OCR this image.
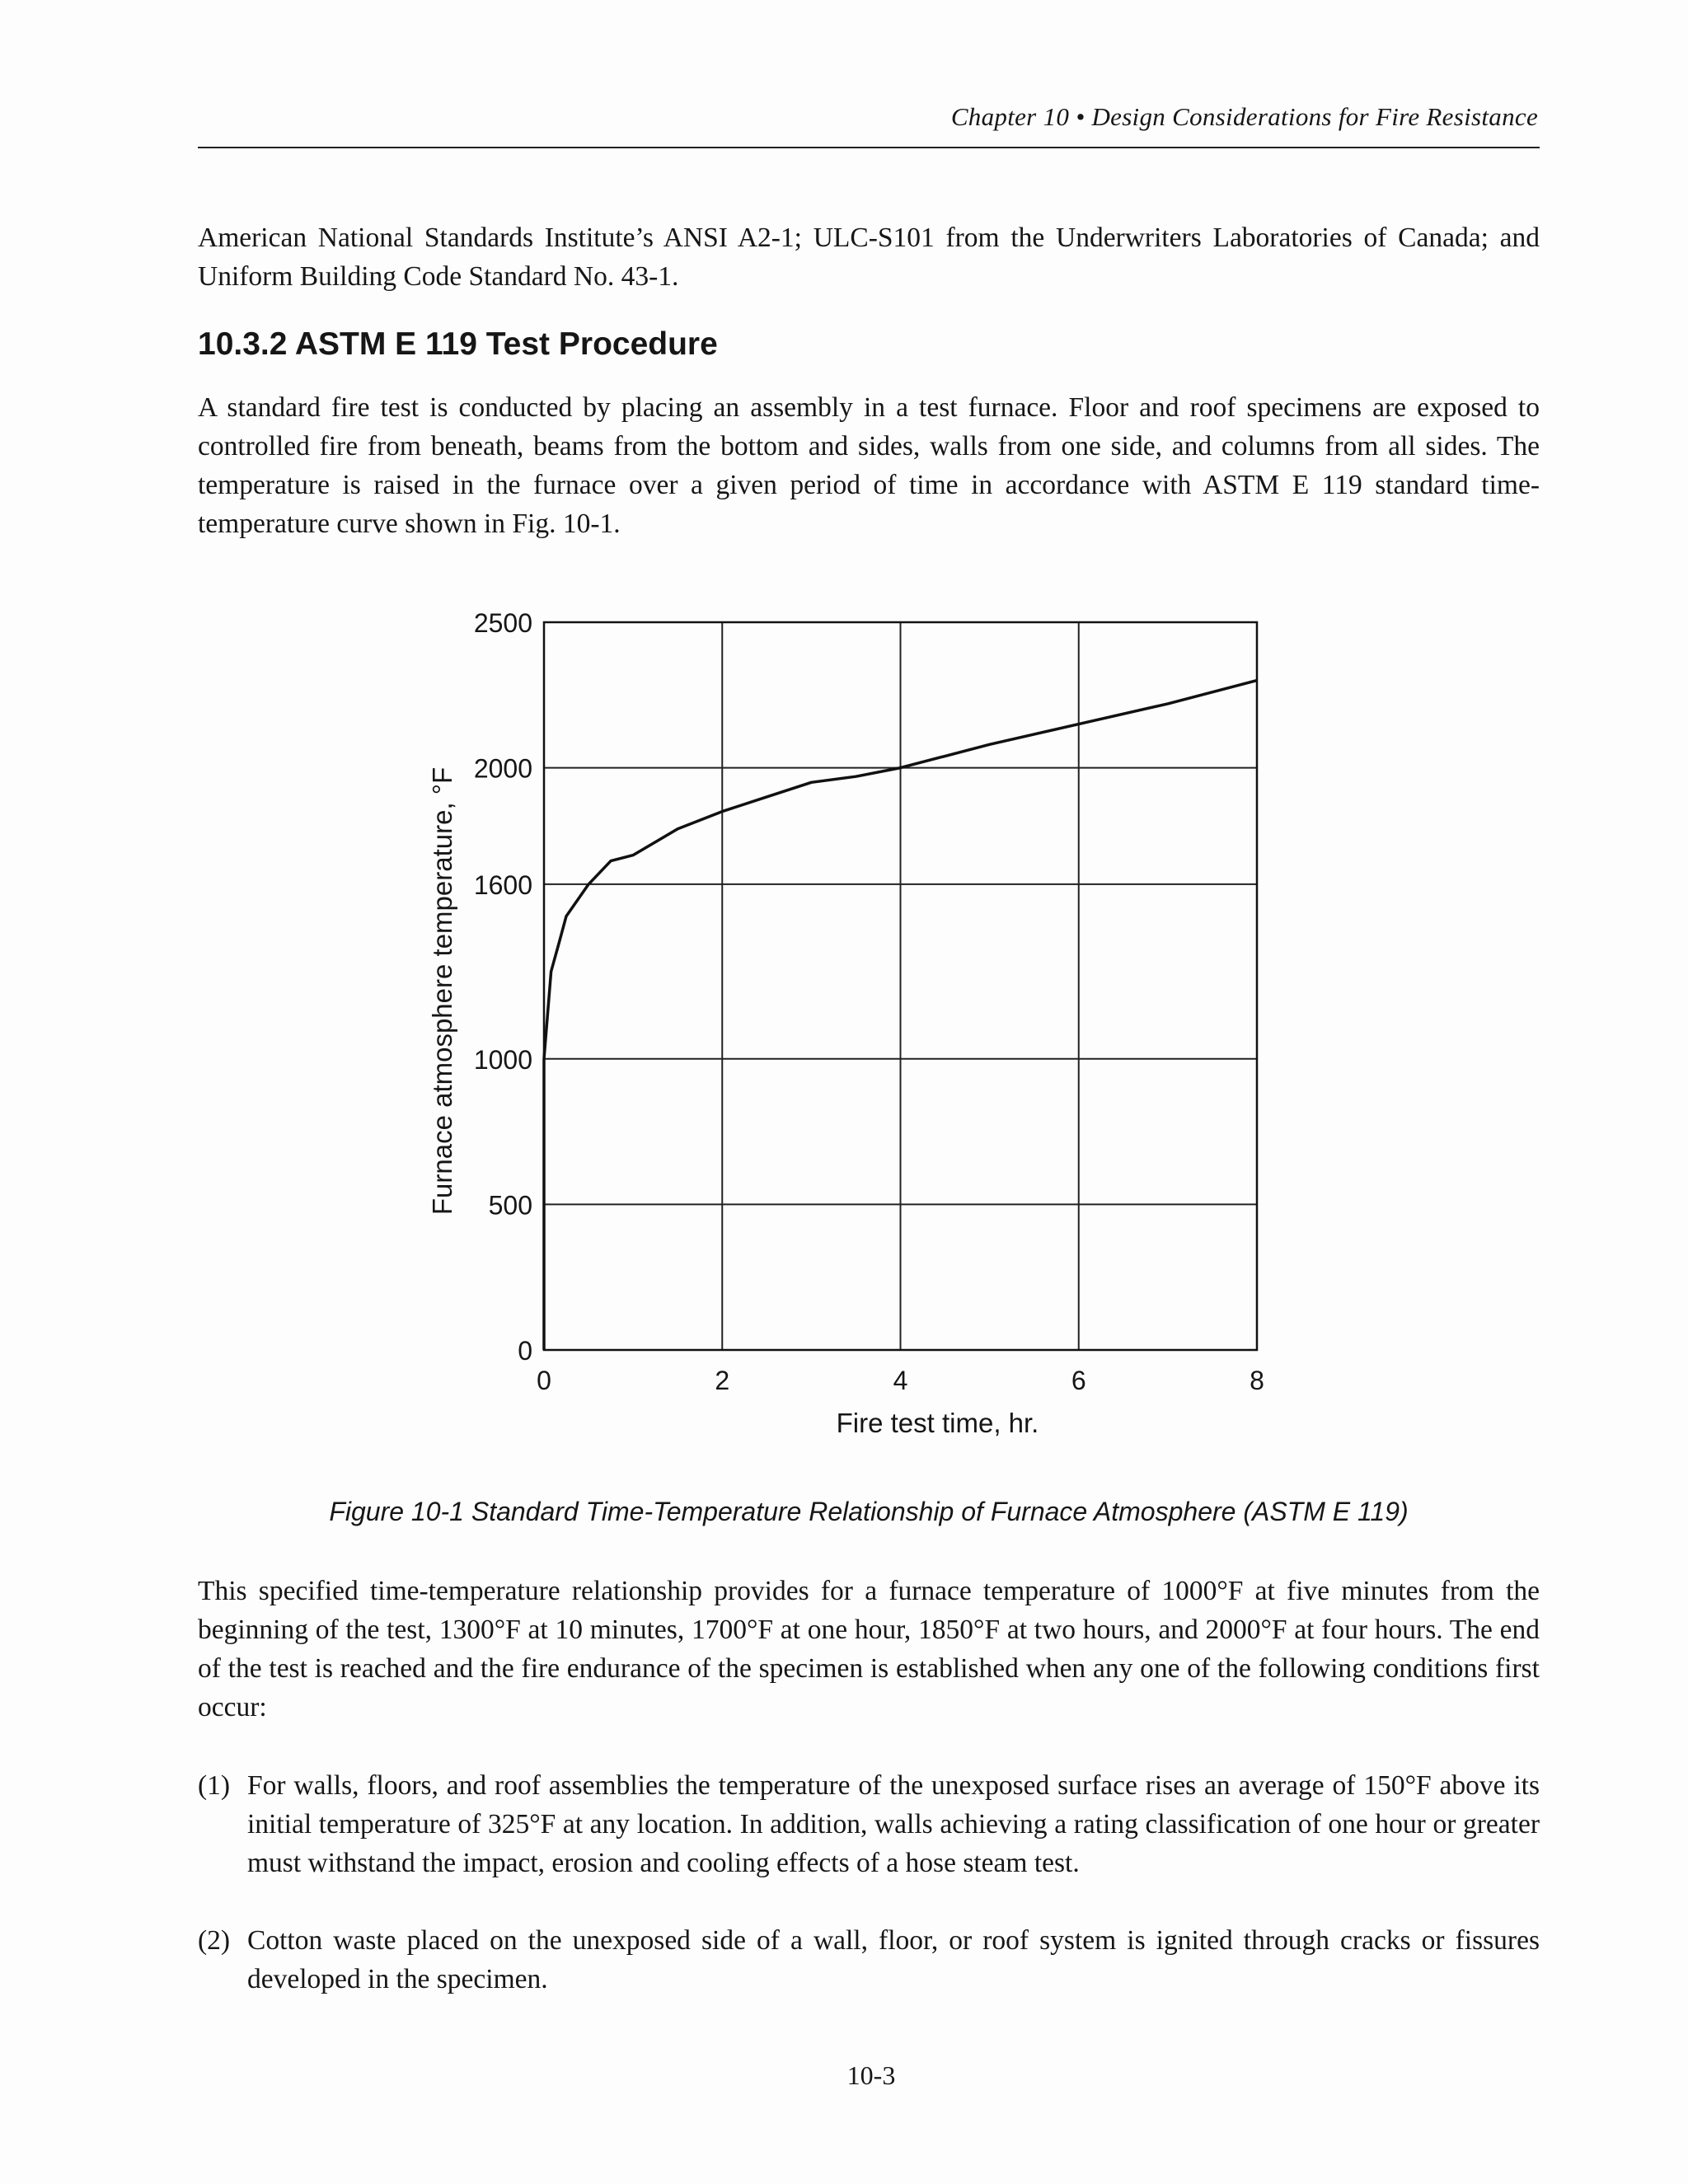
Chapter 10 • Design Considerations for Fire Resistance

American National Standards Institute’s ANSI A2-1; ULC-S101 from the Underwriters Laboratories of Canada; and Uniform Building Code Standard No. 43-1.

10.3.2 ASTM E 119 Test Procedure

A standard fire test is conducted by placing an assembly in a test furnace. Floor and roof specimens are exposed to controlled fire from beneath, beams from the bottom and sides, walls from one side, and columns from all sides. The temperature is raised in the furnace over a given period of time in accordance with ASTM E 119 standard time-temperature curve shown in Fig. 10-1.

0
500
1000
1600
2000
2500
0	2	4	6	8
Fire test time, hr.
Furnace atmosphere temperature, °F

Figure 10-1 Standard Time-Temperature Relationship of Furnace Atmosphere (ASTM E 119)

This specified time-temperature relationship provides for a furnace temperature of 1000°F at five minutes from the beginning of the test, 1300°F at 10 minutes, 1700°F at one hour, 1850°F at two hours, and 2000°F at four hours. The end of the test is reached and the fire endurance of the specimen is established when any one of the following conditions first occur:

(1) For walls, floors, and roof assemblies the temperature of the unexposed surface rises an average of 150°F above its initial temperature of 325°F at any location. In addition, walls achieving a rating classification of one hour or greater must withstand the impact, erosion and cooling effects of a hose steam test.
(2) Cotton waste placed on the unexposed side of a wall, floor, or roof system is ignited through cracks or fissures developed in the specimen.
10-3
